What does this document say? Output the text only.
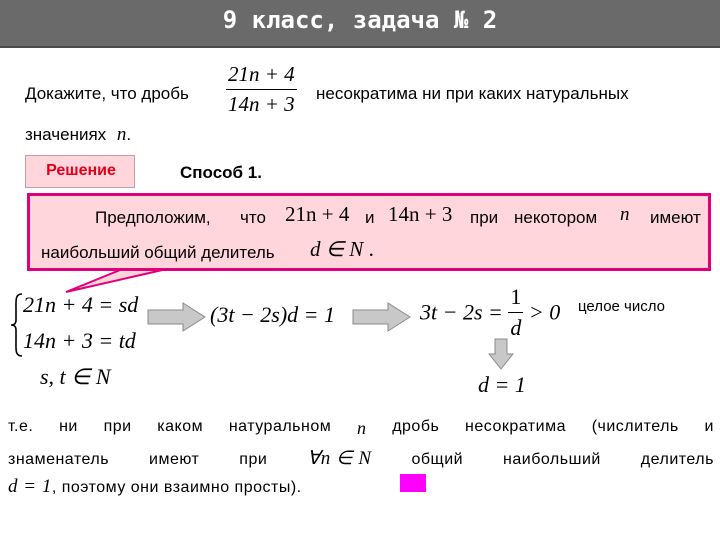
9 класс, задача № 2
Докажите, что дробь $\frac{21n + 4}{14n + 3}$ несократима ни при каких натуральных
значениях n.
Решение	Способ 1.
Предположим, что 21n + 4 и 14n + 3 при некотором n имеют
наибольший общий делитель d ∈ N .
21n + 4 = sd
14n + 3 = td
s, t ∈ N
(3t − 2s)d = 1	$3t - 2s = \frac{1}{d} > 0$ целое число
d = 1
т.е. ни при каком натуральном n дробь несократима (числитель и
знаменатель имеют при ∀n ∈ N общий наибольший делитель
d = 1, поэтому они взаимно просты).
